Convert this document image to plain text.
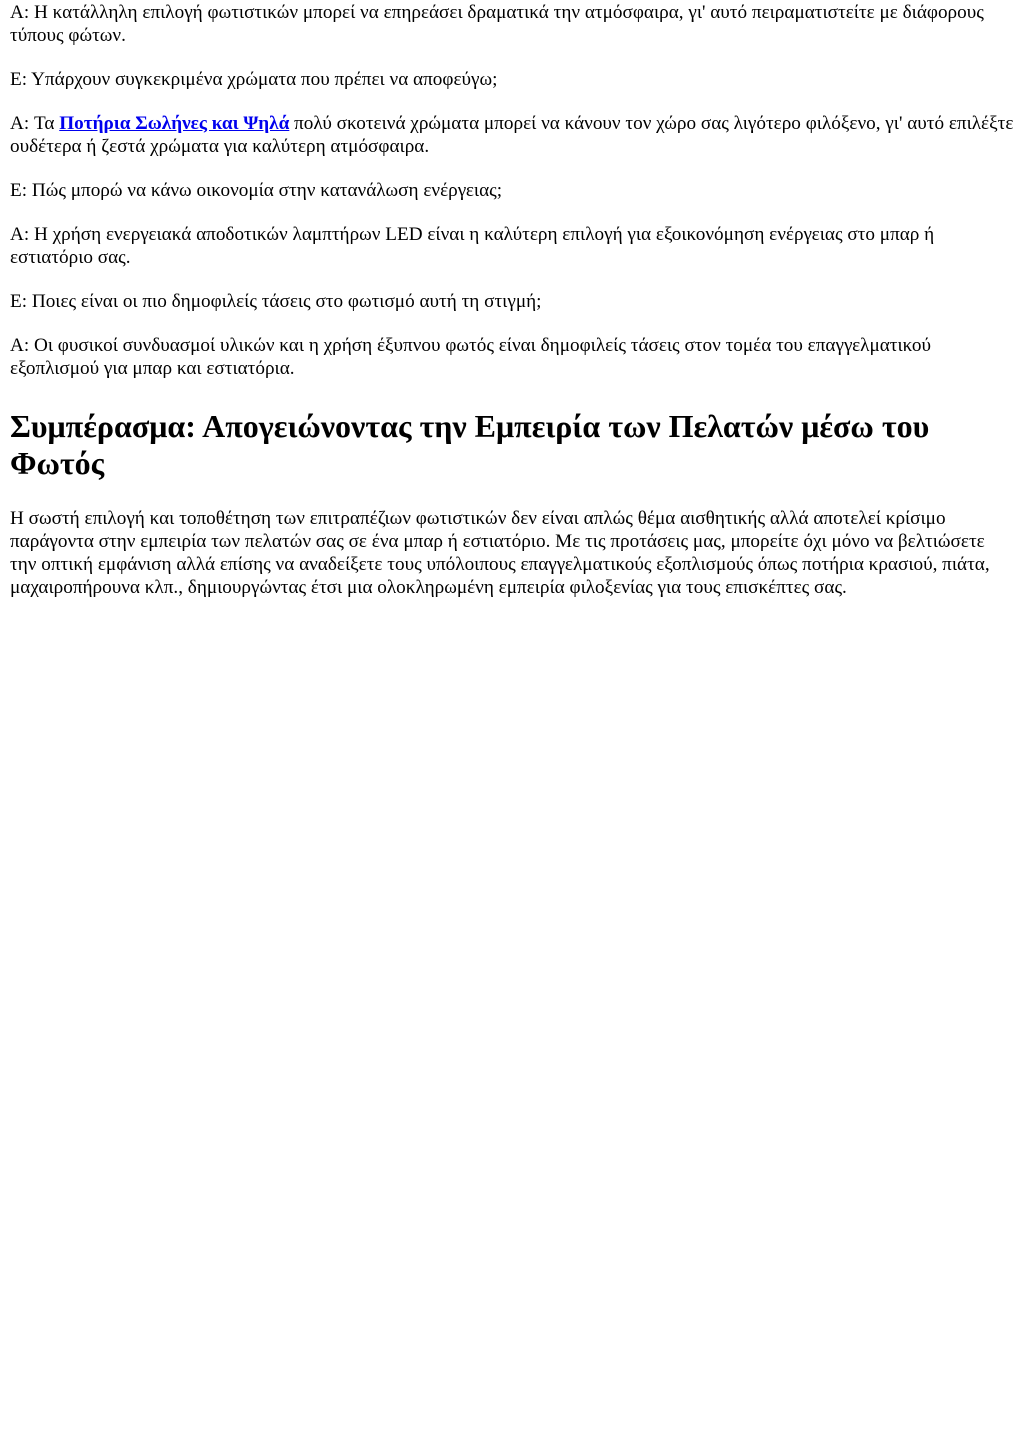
A: Η κατάλληλη επιλογή φωτιστικών μπορεί να επηρεάσει δραματικά την ατμόσφαιρα, γι' αυτό πειραματιστείτε με διάφορους τύπους φώτων.

Ε: Υπάρχουν συγκεκριμένα χρώματα που πρέπει να αποφεύγω;

A: Τα Ποτήρια Σωλήνες και Ψηλά πολύ σκοτεινά χρώματα μπορεί να κάνουν τον χώρο σας λιγότερο φιλόξενο, γι' αυτό επιλέξτε ουδέτερα ή ζεστά χρώματα για καλύτερη ατμόσφαιρα.

Ε: Πώς μπορώ να κάνω οικονομία στην κατανάλωση ενέργειας;

A: Η χρήση ενεργειακά αποδοτικών λαμπτήρων LED είναι η καλύτερη επιλογή για εξοικονόμηση ενέργειας στο μπαρ ή εστιατόριο σας.

Ε: Ποιες είναι οι πιο δημοφιλείς τάσεις στο φωτισμό αυτή τη στιγμή;

A: Οι φυσικοί συνδυασμοί υλικών και η χρήση έξυπνου φωτός είναι δημοφιλείς τάσεις στον τομέα του επαγγελματικού εξοπλισμού για μπαρ και εστιατόρια.

Συμπέρασμα: Απογειώνοντας την Εμπειρία των Πελατών μέσω του Φωτός

Η σωστή επιλογή και τοποθέτηση των επιτραπέζιων φωτιστικών δεν είναι απλώς θέμα αισθητικής αλλά αποτελεί κρίσιμο παράγοντα στην εμπειρία των πελατών σας σε ένα μπαρ ή εστιατόριο. Με τις προτάσεις μας, μπορείτε όχι μόνο να βελτιώσετε την οπτική εμφάνιση αλλά επίσης να αναδείξετε τους υπόλοιπους επαγγελματικούς εξοπλισμούς όπως ποτήρια κρασιού, πιάτα, μαχαιροπήρουνα κλπ., δημιουργώντας έτσι μια ολοκληρωμένη εμπειρία φιλοξενίας για τους επισκέπτες σας.
